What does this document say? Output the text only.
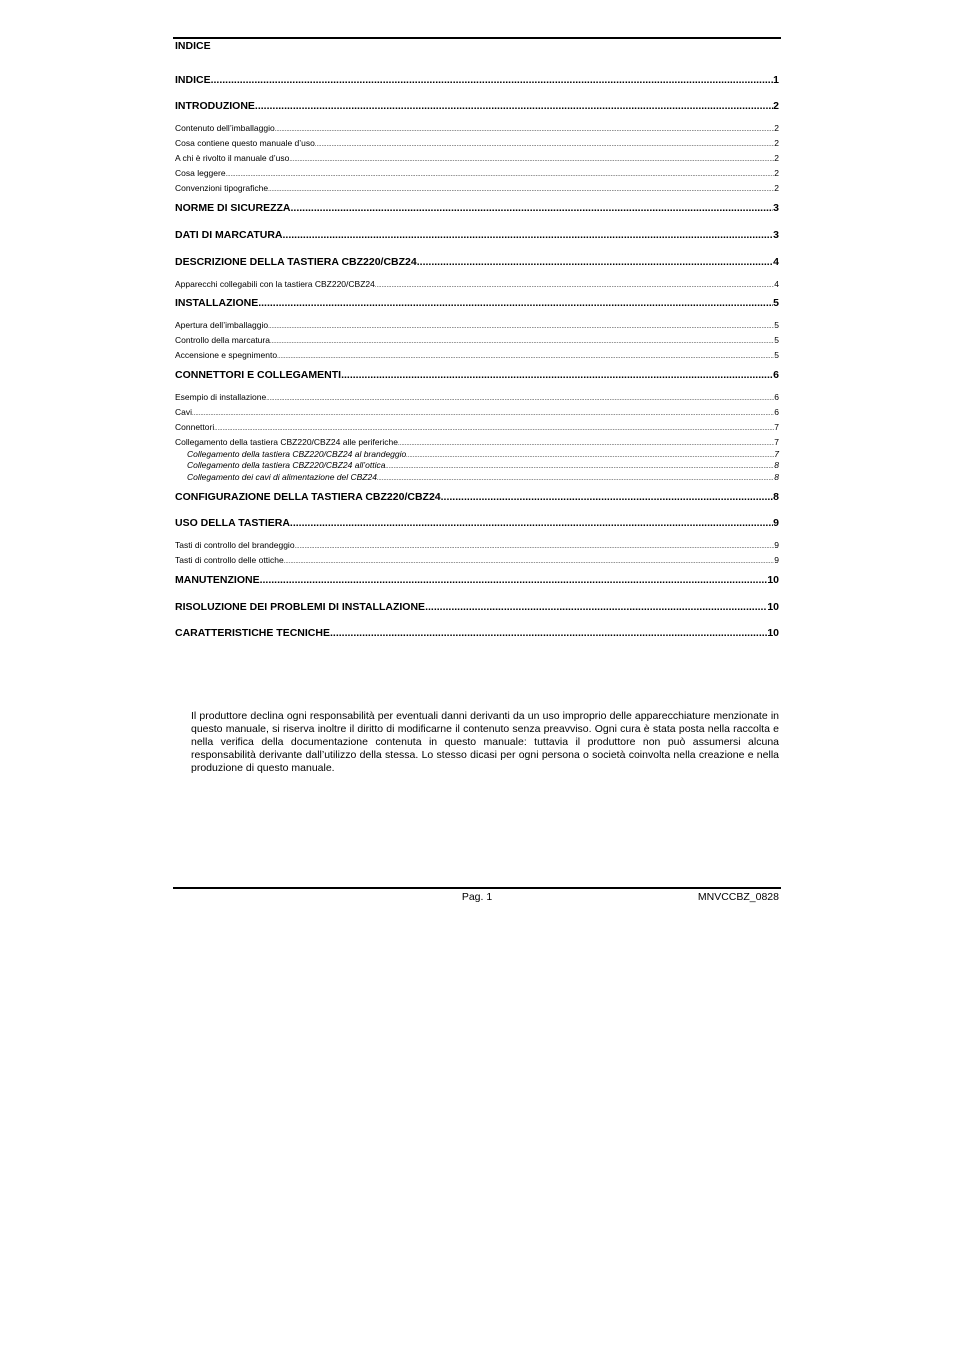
INDICE
INDICE .....	1
INTRODUZIONE .....	2
Contenuto dell’imballaggio .....	2
Cosa contiene questo manuale d’uso .....	2
A chi è rivolto il manuale d’uso .....	2
Cosa leggere .....	2
Convenzioni tipografiche .....	2
NORME DI SICUREZZA .....	3
DATI DI MARCATURA .....	3
DESCRIZIONE DELLA TASTIERA CBZ220/CBZ24 .....	4
Apparecchi collegabili con la tastiera CBZ220/CBZ24 .....	4
INSTALLAZIONE .....	5
Apertura dell’imballaggio .....	5
Controllo della marcatura .....	5
Accensione e spegnimento .....	5
CONNETTORI E COLLEGAMENTI .....	6
Esempio di installazione .....	6
Cavi .....	6
Connettori .....	7
Collegamento della tastiera CBZ220/CBZ24 alle periferiche .....	7
Collegamento della tastiera CBZ220/CBZ24 al brandeggio .....	7
Collegamento della tastiera CBZ220/CBZ24 all’ottica .....	8
Collegamento dei cavi di alimentazione del CBZ24 .....	8
CONFIGURAZIONE DELLA TASTIERA CBZ220/CBZ24 .....	8
USO DELLA TASTIERA .....	9
Tasti di controllo del brandeggio .....	9
Tasti di controllo delle ottiche .....	9
MANUTENZIONE .....	10
RISOLUZIONE DEI PROBLEMI DI INSTALLAZIONE .....	10
CARATTERISTICHE TECNICHE .....	10
Il produttore declina ogni responsabilità per eventuali danni derivanti da un uso improprio delle apparecchiature menzionate in questo manuale, si riserva inoltre il diritto di modificarne il contenuto senza preavviso. Ogni cura è stata posta nella raccolta e nella verifica della documentazione contenuta in questo manuale: tuttavia il produttore non può assumersi alcuna responsabilità derivante dall’utilizzo della stessa. Lo stesso dicasi per ogni persona o società coinvolta nella creazione e nella produzione di questo manuale.
Pag. 1	MNVCCBZ_0828
